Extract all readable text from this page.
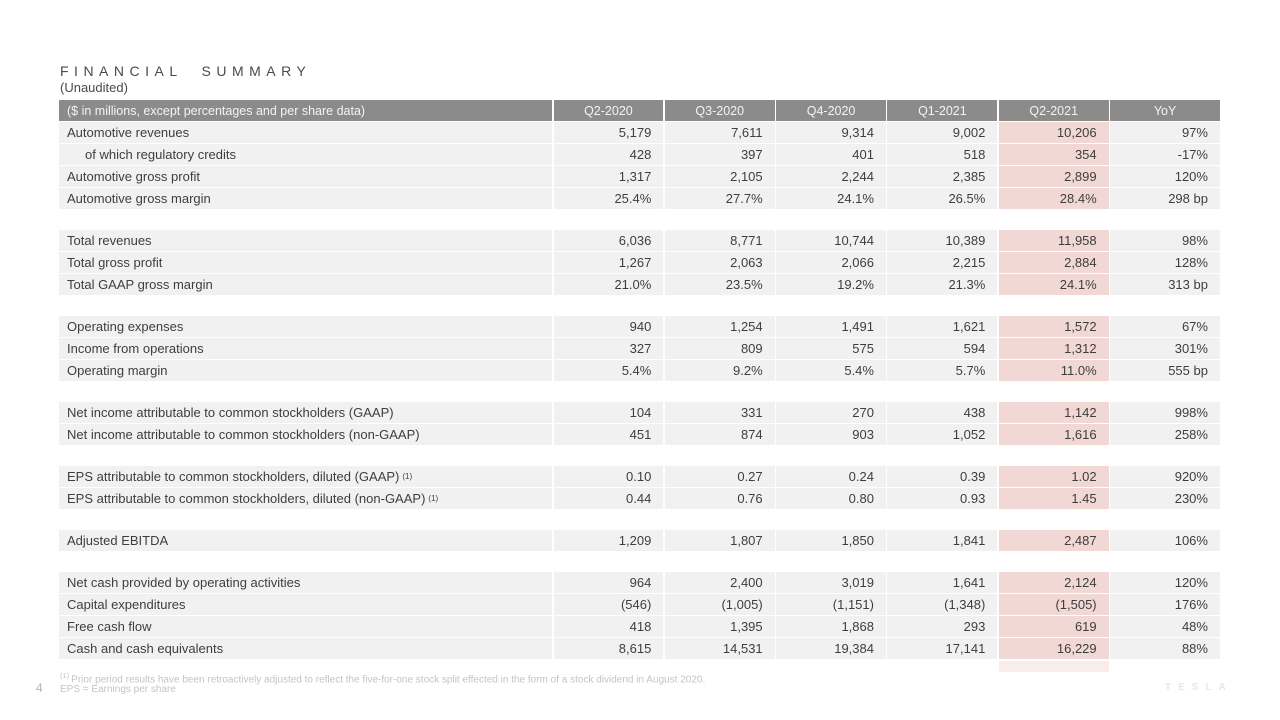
FINANCIAL SUMMARY
(Unaudited)
($ in millions, except percentages and per share data)	Q2-2020	Q3-2020	Q4-2020	Q1-2021	Q2-2021	YoY
Automotive revenues	5,179	7,611	9,314	9,002	10,206	97%
of which regulatory credits	428	397	401	518	354	-17%
Automotive gross profit	1,317	2,105	2,244	2,385	2,899	120%
Automotive gross margin	25.4%	27.7%	24.1%	26.5%	28.4%	298 bp
Total revenues	6,036	8,771	10,744	10,389	11,958	98%
Total gross profit	1,267	2,063	2,066	2,215	2,884	128%
Total GAAP gross margin	21.0%	23.5%	19.2%	21.3%	24.1%	313 bp
Operating expenses	940	1,254	1,491	1,621	1,572	67%
Income from operations	327	809	575	594	1,312	301%
Operating margin	5.4%	9.2%	5.4%	5.7%	11.0%	555 bp
Net income attributable to common stockholders (GAAP)	104	331	270	438	1,142	998%
Net income attributable to common stockholders (non-GAAP)	451	874	903	1,052	1,616	258%
EPS attributable to common stockholders, diluted (GAAP) (1)	0.10	0.27	0.24	0.39	1.02	920%
EPS attributable to common stockholders, diluted (non-GAAP) (1)	0.44	0.76	0.80	0.93	1.45	230%
Adjusted EBITDA	1,209	1,807	1,850	1,841	2,487	106%
Net cash provided by operating activities	964	2,400	3,019	1,641	2,124	120%
Capital expenditures	(546)	(1,005)	(1,151)	(1,348)	(1,505)	176%
Free cash flow	418	1,395	1,868	293	619	48%
Cash and cash equivalents	8,615	14,531	19,384	17,141	16,229	88%
$^{(1)}$ Prior period results have been retroactively adjusted to reflect the five-for-one stock split effected in the form of a stock dividend in August 2020.
EPS = Earnings per share
4	TESLA
